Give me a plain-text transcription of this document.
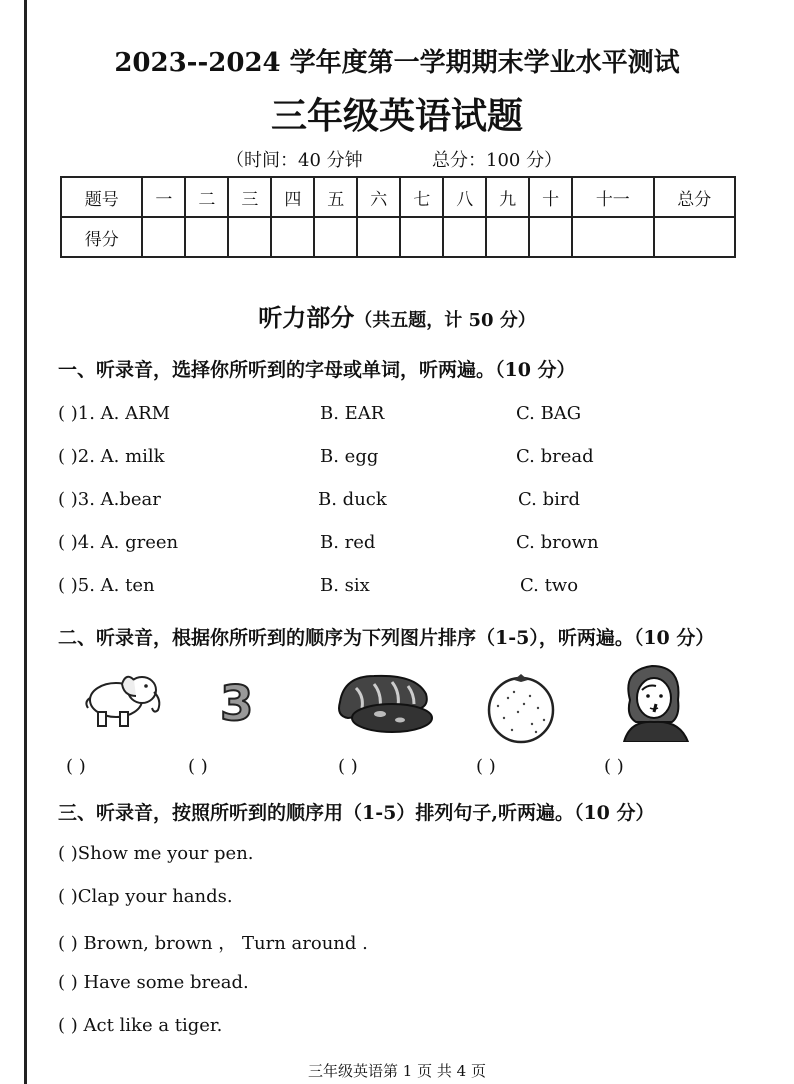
2023--2024 学年度第一学期期末学业水平测试
三年级英语试题
（时间：40 分钟	总分：100 分）
题号	一	二	三	四	五	六	七	八	九	十	十一	总分
得分												
听力部分（共五题，计 50 分）
一、听录音，选择你所听到的字母或单词，听两遍。（10 分）
( )1. A. ARM	B. EAR	C. BAG
( )2. A. milk	B. egg	C. bread
( )3. A.bear	B. duck	C. bird
( )4. A. green	B. red	C. brown
( )5. A. ten	B. six	C. two
二、听录音，根据你所听到的顺序为下列图片排序（1-5），听两遍。（10 分）
3
( )	( )	( )	( )	( )
三、听录音，按照所听到的顺序用（1-5）排列句子,听两遍。（10 分）
( )Show me your pen.
( )Clap your hands.
( ) Brown, brown ， Turn around .
( ) Have some bread.
( ) Act like a tiger.
三年级英语第 1 页 共 4 页
